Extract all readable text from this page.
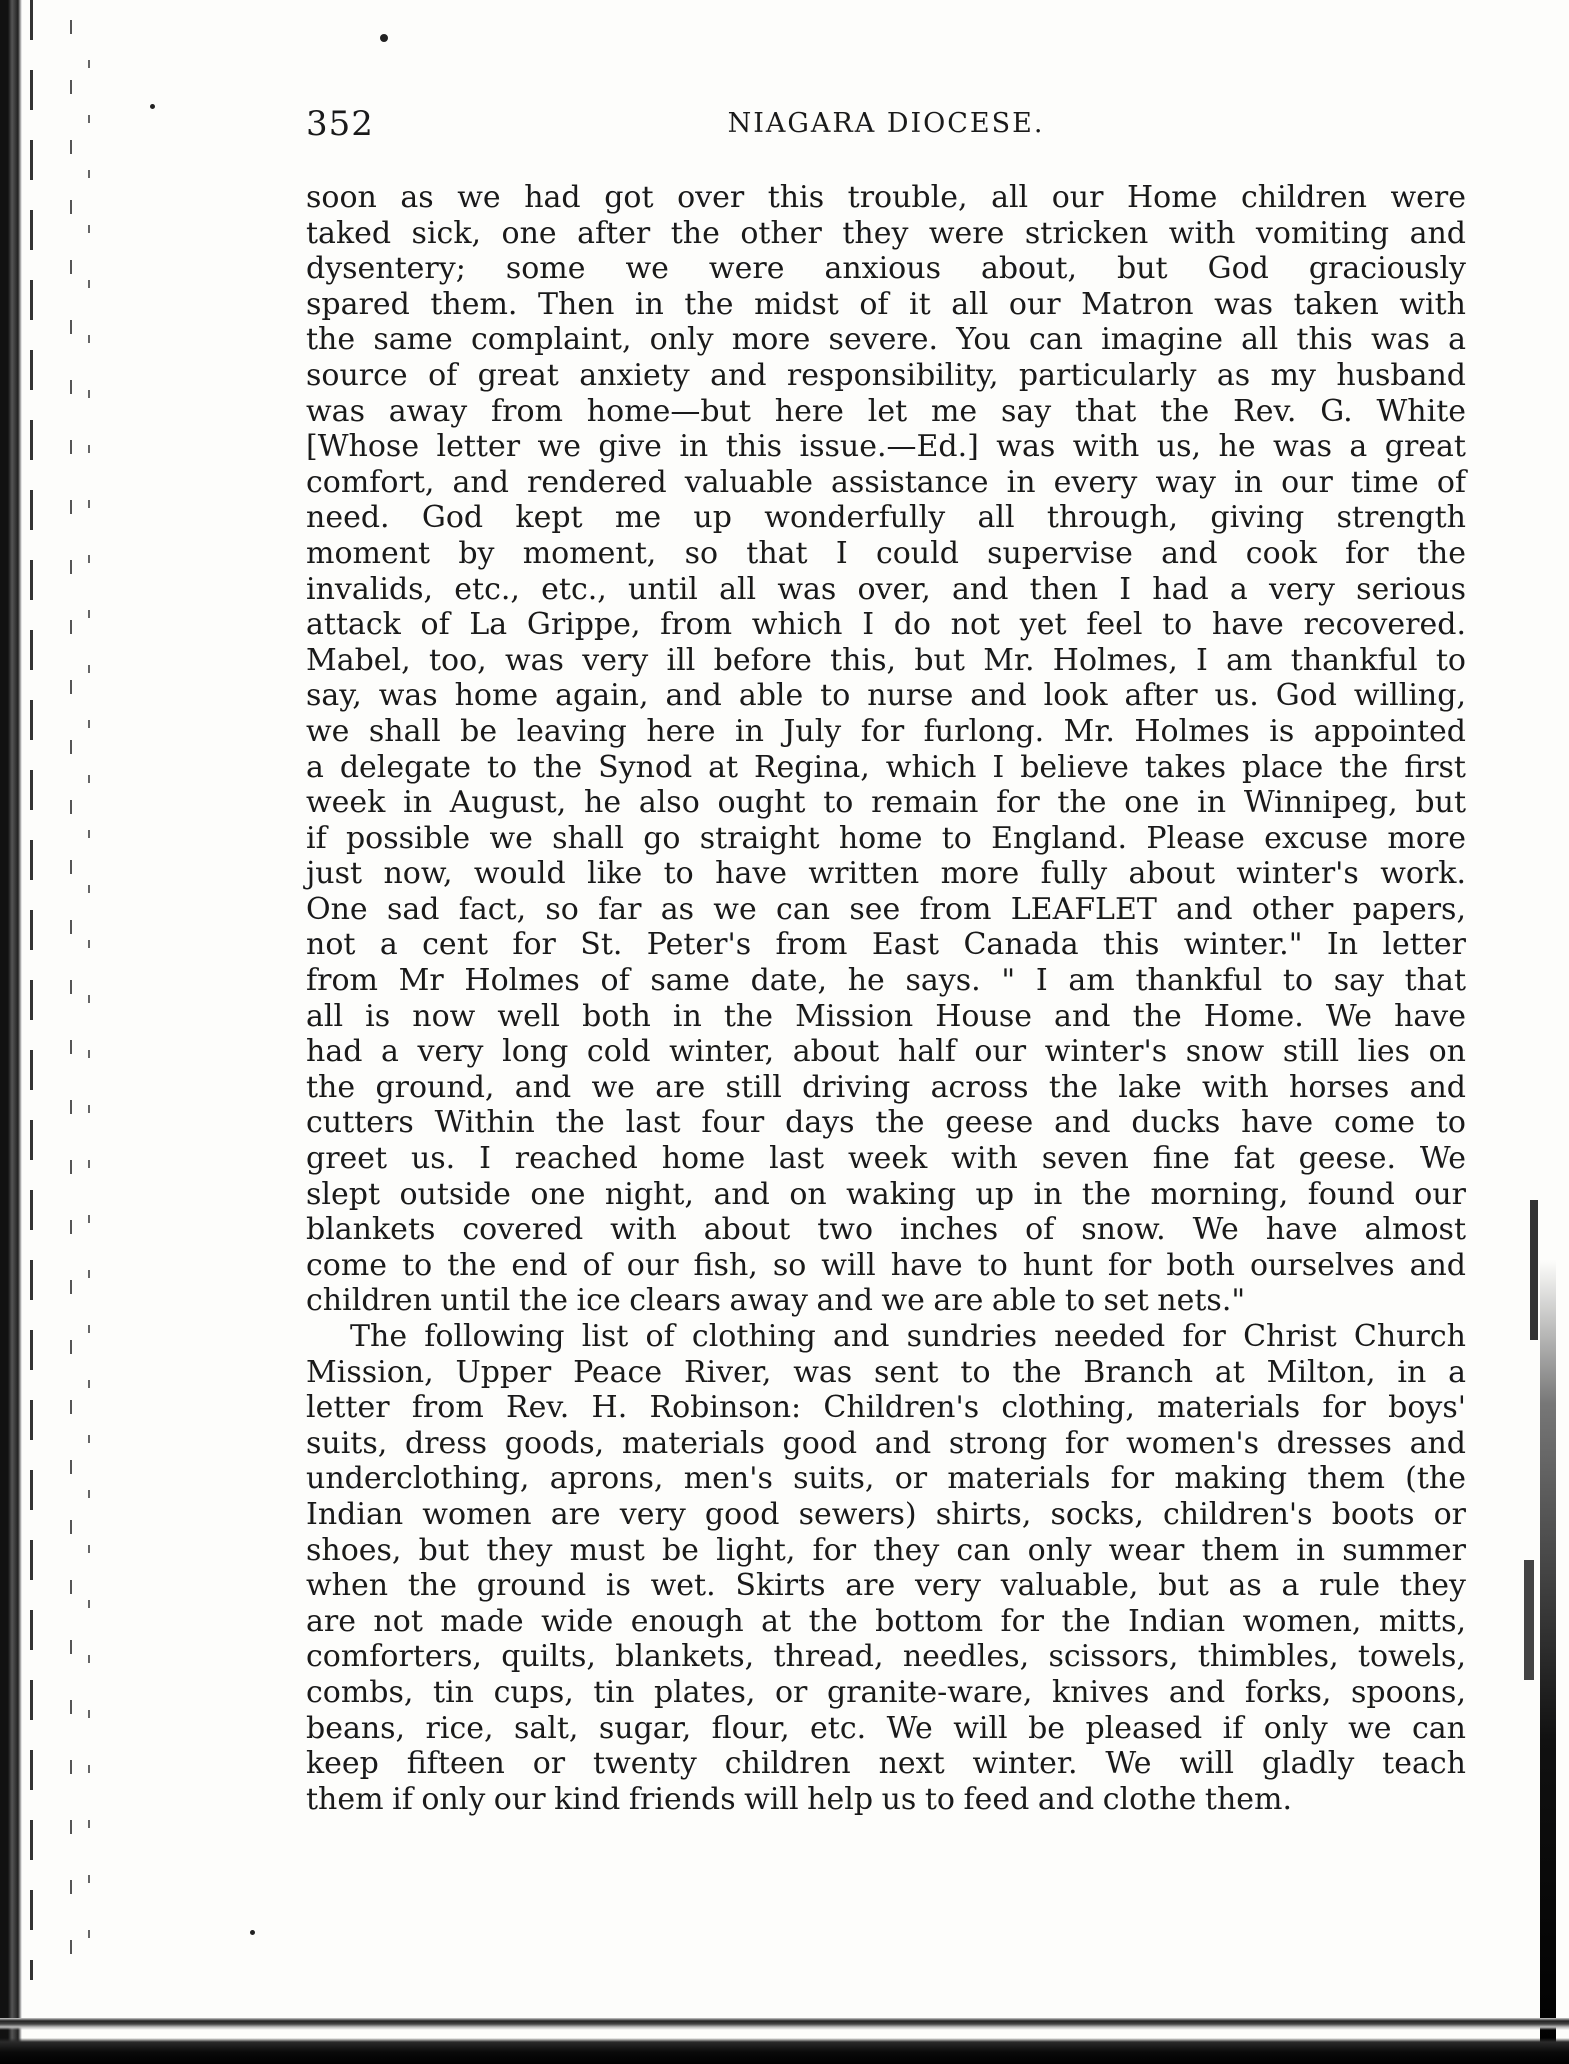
352	NIAGARA DIOCESE.
soon as we had got over this trouble, all our Home children were
taked sick, one after the other they were stricken with vomiting and
dysentery; some we were anxious about, but God graciously
spared them. Then in the midst of it all our Matron was taken with
the same complaint, only more severe. You can imagine all this was a
source of great anxiety and responsibility, particularly as my husband
was away from home—but here let me say that the Rev. G. White
[Whose letter we give in this issue.—Ed.] was with us, he was a great
comfort, and rendered valuable assistance in every way in our time of
need. God kept me up wonderfully all through, giving strength
moment by moment, so that I could supervise and cook for the
invalids, etc., etc., until all was over, and then I had a very serious
attack of La Grippe, from which I do not yet feel to have recovered.
Mabel, too, was very ill before this, but Mr. Holmes, I am thankful to
say, was home again, and able to nurse and look after us. God willing,
we shall be leaving here in July for furlong. Mr. Holmes is appointed
a delegate to the Synod at Regina, which I believe takes place the first
week in August, he also ought to remain for the one in Winnipeg, but
if possible we shall go straight home to England. Please excuse more
just now, would like to have written more fully about winter's work.
One sad fact, so far as we can see from LEAFLET and other papers,
not a cent for St. Peter's from East Canada this winter." In letter
from Mr Holmes of same date, he says. " I am thankful to say that
all is now well both in the Mission House and the Home. We have
had a very long cold winter, about half our winter's snow still lies on
the ground, and we are still driving across the lake with horses and
cutters Within the last four days the geese and ducks have come to
greet us. I reached home last week with seven fine fat geese. We
slept outside one night, and on waking up in the morning, found our
blankets covered with about two inches of snow. We have almost
come to the end of our fish, so will have to hunt for both ourselves and
children until the ice clears away and we are able to set nets."
The following list of clothing and sundries needed for Christ Church
Mission, Upper Peace River, was sent to the Branch at Milton, in a
letter from Rev. H. Robinson: Children's clothing, materials for boys'
suits, dress goods, materials good and strong for women's dresses and
underclothing, aprons, men's suits, or materials for making them (the
Indian women are very good sewers) shirts, socks, children's boots or
shoes, but they must be light, for they can only wear them in summer
when the ground is wet. Skirts are very valuable, but as a rule they
are not made wide enough at the bottom for the Indian women, mitts,
comforters, quilts, blankets, thread, needles, scissors, thimbles, towels,
combs, tin cups, tin plates, or granite-ware, knives and forks, spoons,
beans, rice, salt, sugar, flour, etc. We will be pleased if only we can
keep fifteen or twenty children next winter. We will gladly teach
them if only our kind friends will help us to feed and clothe them.
